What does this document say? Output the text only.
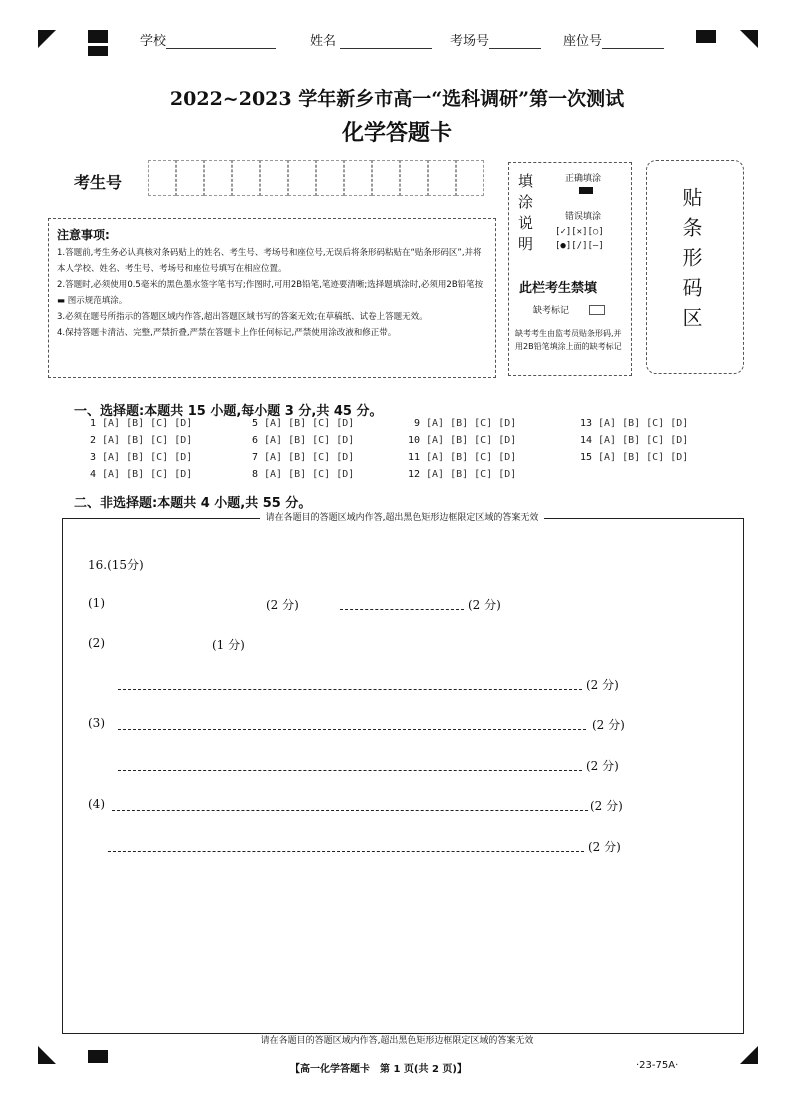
学校	姓名	考场号	座位号
2022~2023 学年新乡市高一“选科调研”第一次测试
化学答题卡
考生号
注意事项:
1.答题前,考生务必认真核对条码贴上的姓名、考生号、考场号和座位号,无误后将条形码粘贴在“贴条形码区”,并将本人学校、姓名、考生号、考场号和座位号填写在相应位置。
2.答题时,必须使用0.5毫米的黑色墨水签字笔书写;作图时,可用2B铅笔,笔迹要清晰;选择题填涂时,必须用2B铅笔按 ▬ 图示规范填涂。
3.必须在题号所指示的答题区域内作答,超出答题区域书写的答案无效;在草稿纸、试卷上答题无效。
4.保持答题卡清洁、完整,严禁折叠,严禁在答题卡上作任何标记,严禁使用涂改液和修正带。
填涂说明	正确填涂
错误填涂
[✓][✕][○]
[●][/][—]
此栏考生禁填
缺考标记
缺考考生由监考员贴条形码,并用2B铅笔填涂上面的缺考标记
贴条形码区
一、选择题:本题共 15 小题,每小题 3 分,共 45 分。
1 [A] [B] [C] [D]
2 [A] [B] [C] [D]
3 [A] [B] [C] [D]
4 [A] [B] [C] [D]
5 [A] [B] [C] [D]
6 [A] [B] [C] [D]
7 [A] [B] [C] [D]
8 [A] [B] [C] [D]
9 [A] [B] [C] [D]
10 [A] [B] [C] [D]
11 [A] [B] [C] [D]
12 [A] [B] [C] [D]
13 [A] [B] [C] [D]
14 [A] [B] [C] [D]
15 [A] [B] [C] [D]
二、非选择题:本题共 4 小题,共 55 分。
请在各题目的答题区域内作答,超出黑色矩形边框限定区域的答案无效
16.(15分)
(1)	(2 分)	(2 分)
(2)	(1 分)
(2 分)
(3)	(2 分)
(2 分)
(4)	(2 分)
(2 分)
请在各题目的答题区域内作答,超出黑色矩形边框限定区域的答案无效
【高一化学答题卡　第 1 页(共 2 页)】	·23-75A·
